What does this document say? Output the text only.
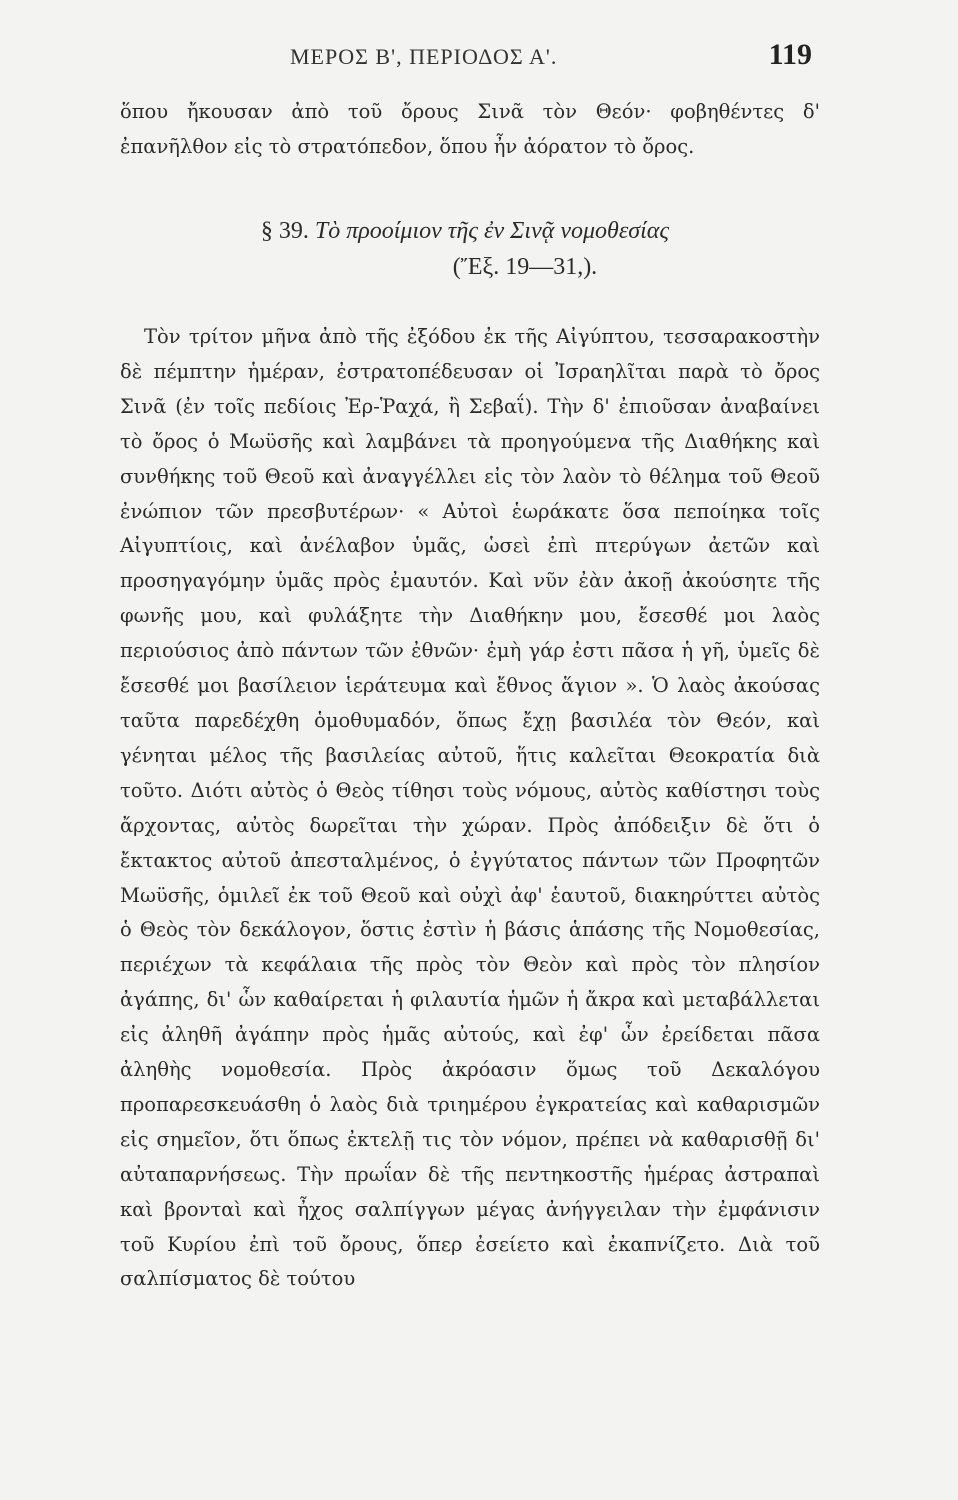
ΜΕΡΟΣ Β', ΠΕΡΙΟΔΟΣ Α'.	119

ὅπου ἤκουσαν ἀπὸ τοῦ ὄρους Σινᾶ τὸν Θεόν· φοβηθέντες δ' ἐπανῆλθον εἰς τὸ στρατόπεδον, ὅπου ἦν ἀόρατον τὸ ὄρος.

§ 39. Τὸ προοίμιον τῆς ἐν Σινᾷ νομοθεσίας
(Ἔξ. 19—31,).

Τὸν τρίτον μῆνα ἀπὸ τῆς ἐξόδου ἐκ τῆς Αἰγύπτου, τεσσαρακοστὴν δὲ πέμπτην ἡμέραν, ἐστρατοπέδευσαν οἱ Ἰσραηλῖται παρὰ τὸ ὄρος Σινᾶ (ἐν τοῖς πεδίοις Ἐρ-Ῥαχά, ἢ Σεβαΐ). Τὴν δ' ἐπιοῦσαν ἀναβαίνει τὸ ὄρος ὁ Μωϋσῆς καὶ λαμβάνει τὰ προηγούμενα τῆς Διαθήκης καὶ συνθήκης τοῦ Θεοῦ καὶ ἀναγγέλλει εἰς τὸν λαὸν τὸ θέλημα τοῦ Θεοῦ ἐνώπιον τῶν πρεσβυτέρων· « Αὐτοὶ ἑωράκατε ὅσα πεποίηκα τοῖς Αἰγυπτίοις, καὶ ἀνέλαβον ὑμᾶς, ὡσεὶ ἐπὶ πτερύγων ἀετῶν καὶ προσηγαγόμην ὑμᾶς πρὸς ἐμαυτόν. Καὶ νῦν ἐὰν ἀκοῇ ἀκούσητε τῆς φωνῆς μου, καὶ φυλάξητε τὴν Διαθήκην μου, ἔσεσθέ μοι λαὸς περιούσιος ἀπὸ πάντων τῶν ἐθνῶν· ἐμὴ γάρ ἐστι πᾶσα ἡ γῆ, ὑμεῖς δὲ ἔσεσθέ μοι βασίλειον ἱεράτευμα καὶ ἔθνος ἅγιον ». Ὁ λαὸς ἀκούσας ταῦτα παρεδέχθη ὁμοθυμαδόν, ὅπως ἔχῃ βασιλέα τὸν Θεόν, καὶ γένηται μέλος τῆς βασιλείας αὐτοῦ, ἥτις καλεῖται Θεοκρατία διὰ τοῦτο. Διότι αὐτὸς ὁ Θεὸς τίθησι τοὺς νόμους, αὐτὸς καθίστησι τοὺς ἄρχοντας, αὐτὸς δωρεῖται τὴν χώραν. Πρὸς ἀπόδειξιν δὲ ὅτι ὁ ἔκτακτος αὐτοῦ ἀπεσταλμένος, ὁ ἐγγύτατος πάντων τῶν Προφητῶν Μωϋσῆς, ὁμιλεῖ ἐκ τοῦ Θεοῦ καὶ οὐχὶ ἀφ' ἑαυτοῦ, διακηρύττει αὐτὸς ὁ Θεὸς τὸν δεκάλογον, ὅστις ἐστὶν ἡ βάσις ἁπάσης τῆς Νομοθεσίας, περιέχων τὰ κεφάλαια τῆς πρὸς τὸν Θεὸν καὶ πρὸς τὸν πλησίον ἀγάπης, δι' ὧν καθαίρεται ἡ φιλαυτία ἡμῶν ἡ ἄκρα καὶ μεταβάλλεται εἰς ἀληθῆ ἀγάπην πρὸς ἡμᾶς αὐτούς, καὶ ἐφ' ὧν ἐρείδεται πᾶσα ἀληθὴς νομοθεσία. Πρὸς ἀκρόασιν ὅμως τοῦ Δεκαλόγου προπαρεσκευάσθη ὁ λαὸς διὰ τριημέρου ἐγκρατείας καὶ καθαρισμῶν εἰς σημεῖον, ὅτι ὅπως ἐκτελῇ τις τὸν νόμον, πρέπει νὰ καθαρισθῇ δι' αὐταπαρνήσεως. Τὴν πρωΐαν δὲ τῆς πεντηκοστῆς ἡμέρας ἀστραπαὶ καὶ βρονταὶ καὶ ἦχος σαλπίγγων μέγας ἀνήγγειλαν τὴν ἐμφάνισιν τοῦ Κυρίου ἐπὶ τοῦ ὄρους, ὅπερ ἐσείετο καὶ ἐκαπνίζετο. Διὰ τοῦ σαλπίσματος δὲ τούτου
